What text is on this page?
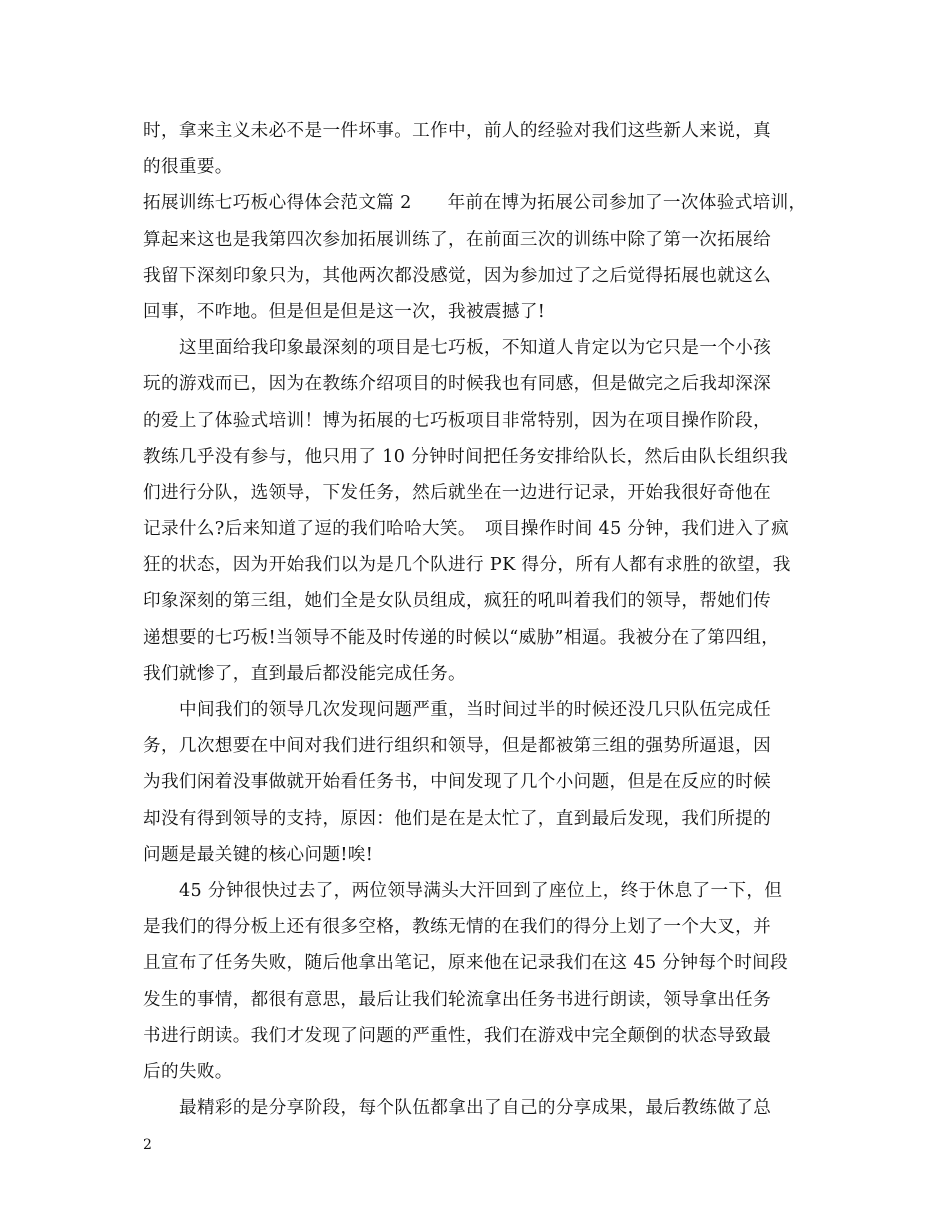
时，拿来主义未必不是一件坏事。工作中，前人的经验对我们这些新人来说，真
的很重要。
拓展训练七巧板心得体会范文篇 2　　年前在博为拓展公司参加了一次体验式培训，
算起来这也是我第四次参加拓展训练了，在前面三次的训练中除了第一次拓展给
我留下深刻印象只为，其他两次都没感觉，因为参加过了之后觉得拓展也就这么
回事，不咋地。但是但是但是这一次，我被震撼了!
这里面给我印象最深刻的项目是七巧板，不知道人肯定以为它只是一个小孩
玩的游戏而已，因为在教练介绍项目的时候我也有同感，但是做完之后我却深深
的爱上了体验式培训！博为拓展的七巧板项目非常特别，因为在项目操作阶段，
教练几乎没有参与，他只用了 10 分钟时间把任务安排给队长，然后由队长组织我
们进行分队，选领导，下发任务，然后就坐在一边进行记录，开始我很好奇他在
记录什么?后来知道了逗的我们哈哈大笑。　项目操作时间 45 分钟，我们进入了疯
狂的状态，因为开始我们以为是几个队进行 PK 得分，所有人都有求胜的欲望，我
印象深刻的第三组，她们全是女队员组成，疯狂的吼叫着我们的领导，帮她们传
递想要的七巧板!当领导不能及时传递的时候以“威胁”相逼。我被分在了第四组，
我们就惨了，直到最后都没能完成任务。
中间我们的领导几次发现问题严重，当时间过半的时候还没几只队伍完成任
务，几次想要在中间对我们进行组织和领导，但是都被第三组的强势所逼退，因
为我们闲着没事做就开始看任务书，中间发现了几个小问题，但是在反应的时候
却没有得到领导的支持，原因：他们是在是太忙了，直到最后发现，我们所提的
问题是最关键的核心问题!唉!
45 分钟很快过去了，两位领导满头大汗回到了座位上，终于休息了一下，但
是我们的得分板上还有很多空格，教练无情的在我们的得分上划了一个大叉，并
且宣布了任务失败，随后他拿出笔记，原来他在记录我们在这 45 分钟每个时间段
发生的事情，都很有意思，最后让我们轮流拿出任务书进行朗读，领导拿出任务
书进行朗读。我们才发现了问题的严重性，我们在游戏中完全颠倒的状态导致最
后的失败。
最精彩的是分享阶段，每个队伍都拿出了自己的分享成果，最后教练做了总
2
